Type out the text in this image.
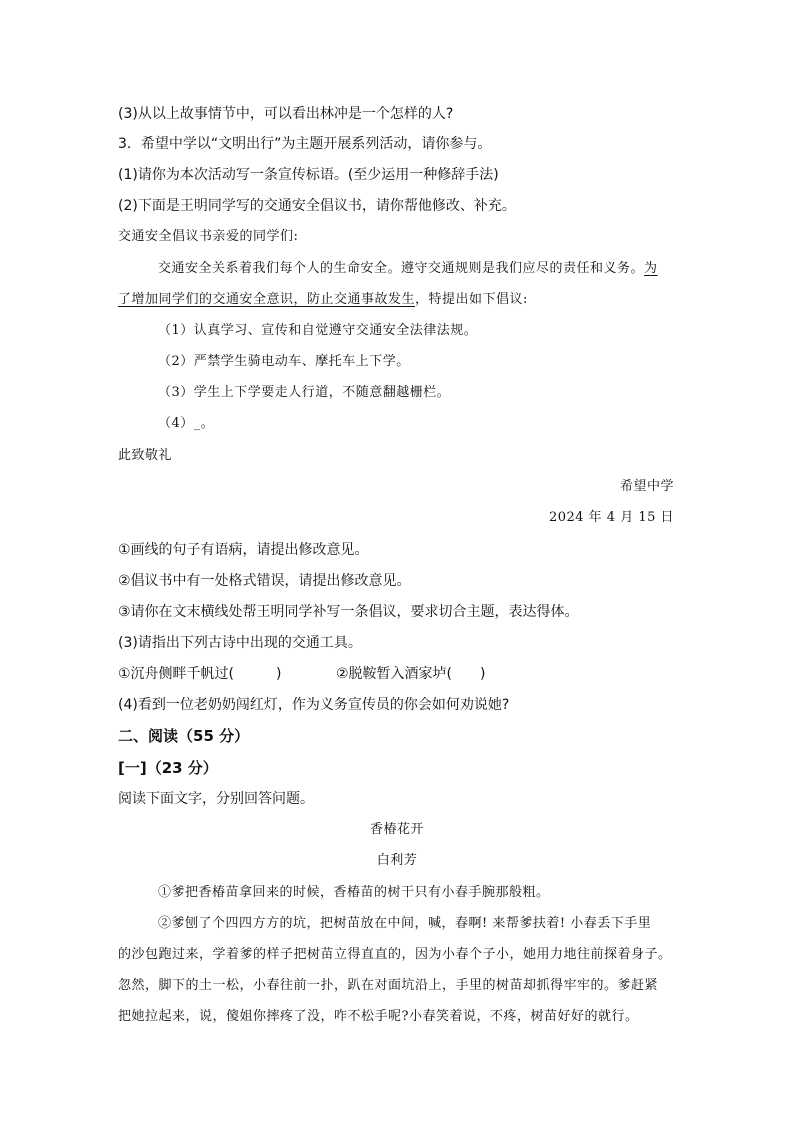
(3)从以上故事情节中，可以看出林冲是一个怎样的人?
3．希望中学以“文明出行”为主题开展系列活动，请你参与。
(1)请你为本次活动写一条宣传标语。(至少运用一种修辞手法)
(2)下面是王明同学写的交通安全倡议书，请你帮他修改、补充。
交通安全倡议书亲爱的同学们:
交通安全关系着我们每个人的生命安全。遵守交通规则是我们应尽的责任和义务。为
了增加同学们的交通安全意识，防止交通事故发生，特提出如下倡议:
（1）认真学习、宣传和自觉遵守交通安全法律法规。
（2）严禁学生骑电动车、摩托车上下学。
（3）学生上下学要走人行道，不随意翻越栅栏。
（4）_。
此致敬礼
希望中学
2024 年 4 月 15 日
①画线的句子有语病，请提出修改意见。
②倡议书中有一处格式错误，请提出修改意见。
③请你在文末横线处帮王明同学补写一条倡议，要求切合主题，表达得体。
(3)请指出下列古诗中出现的交通工具。
①沉舟侧畔千帆过(　　　)	②脱鞍暂入酒家垆(　　)
(4)看到一位老奶奶闯红灯，作为义务宣传员的你会如何劝说她?
二、阅读（55 分）
[一]（23 分）
阅读下面文字，分别回答问题。
香椿花开
白利芳
①爹把香椿苗拿回来的时候，香椿苗的树干只有小春手腕那般粗。
②爹刨了个四四方方的坑，把树苗放在中间，喊，春啊! 来帮爹扶着! 小春丢下手里
的沙包跑过来，学着爹的样子把树苗立得直直的，因为小春个子小，她用力地往前探着身子。
忽然，脚下的土一松，小春往前一扑，趴在对面坑沿上，手里的树苗却抓得牢牢的。爹赶紧
把她拉起来，说，傻姐你摔疼了没，咋不松手呢?小春笑着说，不疼，树苗好好的就行。
